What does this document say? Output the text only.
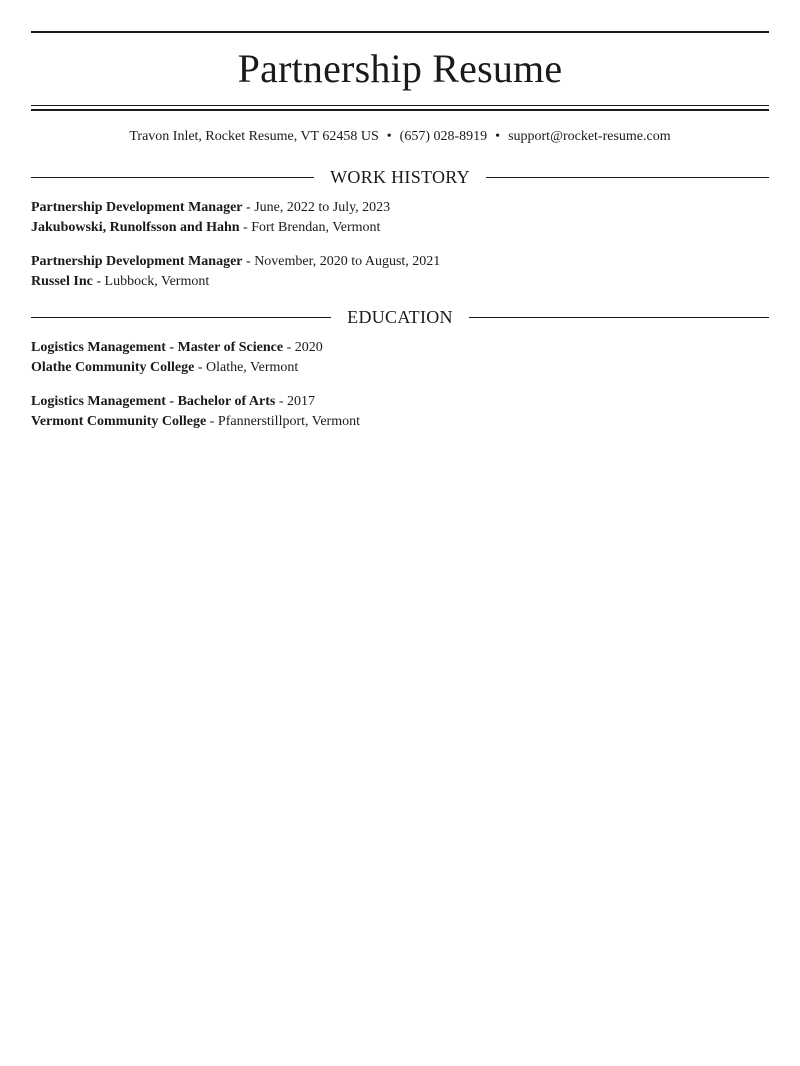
Partnership Resume
Travon Inlet, Rocket Resume, VT 62458 US • (657) 028-8919 • support@rocket-resume.com
WORK HISTORY
Partnership Development Manager - June, 2022 to July, 2023
Jakubowski, Runolfsson and Hahn - Fort Brendan, Vermont
Partnership Development Manager - November, 2020 to August, 2021
Russel Inc - Lubbock, Vermont
EDUCATION
Logistics Management - Master of Science - 2020
Olathe Community College - Olathe, Vermont
Logistics Management - Bachelor of Arts - 2017
Vermont Community College - Pfannerstillport, Vermont
